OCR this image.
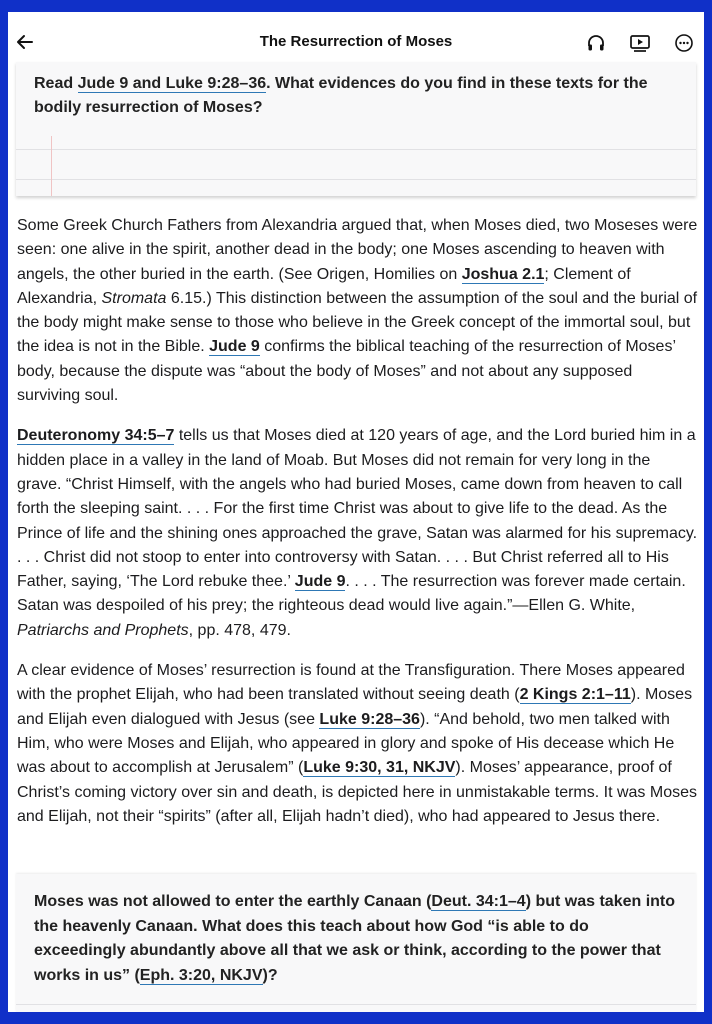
The Resurrection of Moses
Read Jude 9 and Luke 9:28–36. What evidences do you find in these texts for the bodily resurrection of Moses?

Some Greek Church Fathers from Alexandria argued that, when Moses died, two Moseses were seen: one alive in the spirit, another dead in the body; one Moses ascending to heaven with angels, the other buried in the earth. (See Origen, Homilies on Joshua 2.1; Clement of Alexandria, Stromata 6.15.) This distinction between the assumption of the soul and the burial of the body might make sense to those who believe in the Greek concept of the immortal soul, but the idea is not in the Bible. Jude 9 confirms the biblical teaching of the resurrection of Moses’ body, because the dispute was “about the body of Moses” and not about any supposed surviving soul.

Deuteronomy 34:5–7 tells us that Moses died at 120 years of age, and the Lord buried him in a hidden place in a valley in the land of Moab. But Moses did not remain for very long in the grave. “Christ Himself, with the angels who had buried Moses, came down from heaven to call forth the sleeping saint. . . . For the first time Christ was about to give life to the dead. As the Prince of life and the shining ones approached the grave, Satan was alarmed for his supremacy. . . . Christ did not stoop to enter into controversy with Satan. . . . But Christ referred all to His Father, saying, ‘The Lord rebuke thee.’ Jude 9. . . . The resurrection was forever made certain. Satan was despoiled of his prey; the righteous dead would live again.”—Ellen G. White, Patriarchs and Prophets, pp. 478, 479.

A clear evidence of Moses’ resurrection is found at the Transfiguration. There Moses appeared with the prophet Elijah, who had been translated without seeing death (2 Kings 2:1–11). Moses and Elijah even dialogued with Jesus (see Luke 9:28–36). “And behold, two men talked with Him, who were Moses and Elijah, who appeared in glory and spoke of His decease which He was about to accomplish at Jerusalem” (Luke 9:30, 31, NKJV). Moses’ appearance, proof of Christ’s coming victory over sin and death, is depicted here in unmistakable terms. It was Moses and Elijah, not their “spirits” (after all, Elijah hadn’t died), who had appeared to Jesus there.

Moses was not allowed to enter the earthly Canaan (Deut. 34:1–4) but was taken into the heavenly Canaan. What does this teach about how God “is able to do exceedingly abundantly above all that we ask or think, according to the power that works in us” (Eph. 3:20, NKJV)?
